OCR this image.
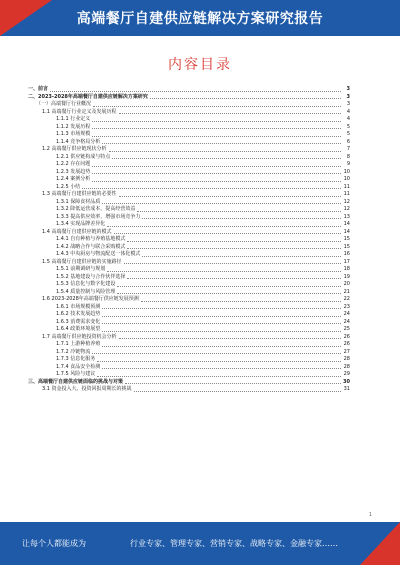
高端餐厅自建供应链解决方案研究报告
内容目录
一、前言	3
二、2023-2028年高端餐厅自建供应链解决方案研究	3
（一）高端餐厅行业概况	3
1.1 高端餐厅行业定义及发展历程	4
1.1.1 行业定义	4
1.1.2 发展历程	5
1.1.3 市场规模	5
1.1.4 竞争格局分析	6
1.2 高端餐厅供应链现状分析	7
1.2.1 供应链构成与特点	8
1.2.2 存在问题	9
1.2.3 发展趋势	10
1.2.4 案例分析	10
1.2.5 小结	11
1.3 高端餐厅自建供应链的必要性	11
1.3.1 保障食材品质	12
1.3.2 降低运营成本，提高经营效益	12
1.3.3 提高供应效率，增强市场竞争力	13
1.3.4 实现品牌差异化	14
1.4 高端餐厅自建供应链的模式	14
1.4.1 自有种植与养殖基地模式	15
1.4.2 战略合作与联合采购模式	15
1.4.3 中央厨房与物流配送一体化模式	16
1.5 高端餐厅自建供应链的实施路径	17
1.5.1 前期调研与规划	18
1.5.2 基地建设与合作伙伴选择	19
1.5.3 信息化与数字化建设	20
1.5.4 质量控制与风险管理	21
1.6 2023-2028年高端餐厅供应链发展预测	22
1.6.1 市场规模预测	23
1.6.2 技术发展趋势	24
1.6.3 消费需求变化	24
1.6.4 政策环境展望	25
1.7 高端餐厅供应链投资机会分析	26
1.7.1 上游种植养殖	26
1.7.2 冷链物流	27
1.7.3 信息化服务	28
1.7.4 食品安全检测	28
1.7.5 风险与建议	29
三、高端餐厅自建供应链面临的挑战与对策	30
3.1 资金投入大、投资回报周期长的挑战	31
1
让每个人都能成为	行业专家、管理专家、营销专家、战略专家、金融专家……
